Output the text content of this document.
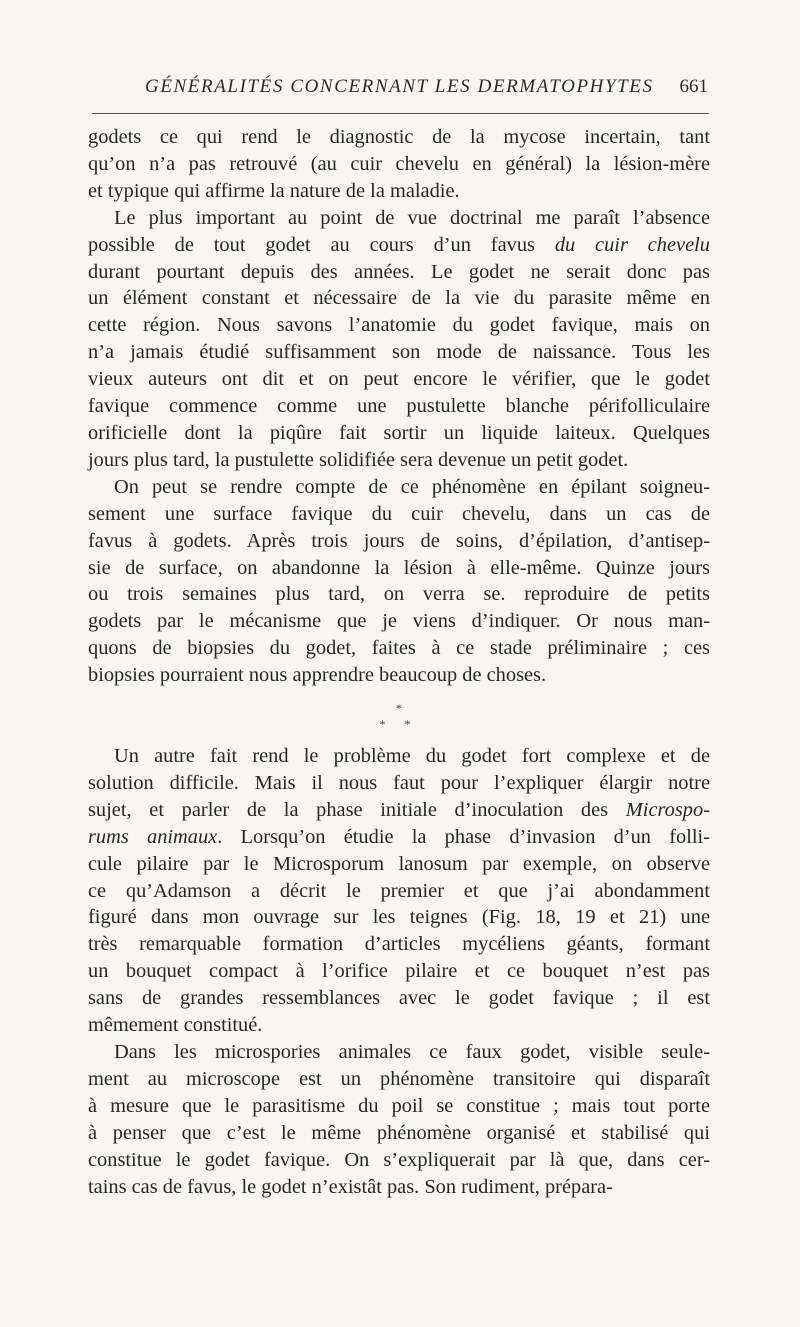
GÉNÉRALITÉS CONCERNANT LES DERMATOPHYTES 661

godets ce qui rend le diagnostic de la mycose incertain, tant
qu’on n’a pas retrouvé (au cuir chevelu en général) la lésion-mère
et typique qui affirme la nature de la maladie.

Le plus important au point de vue doctrinal me paraît l’absence
possible de tout godet au cours d’un favus du cuir chevelu
durant pourtant depuis des années. Le godet ne serait donc pas
un élément constant et nécessaire de la vie du parasite même en
cette région. Nous savons l’anatomie du godet favique, mais on
n’a jamais étudié suffisamment son mode de naissance. Tous les
vieux auteurs ont dit et on peut encore le vérifier, que le godet
favique commence comme une pustulette blanche périfolliculaire
orificielle dont la piqûre fait sortir un liquide laiteux. Quelques
jours plus tard, la pustulette solidifiée sera devenue un petit godet.

On peut se rendre compte de ce phénomène en épilant soigneu-
sement une surface favique du cuir chevelu, dans un cas de
favus à godets. Après trois jours de soins, d’épilation, d’antisep-
sie de surface, on abandonne la lésion à elle-même. Quinze jours
ou trois semaines plus tard, on verra se. reproduire de petits
godets par le mécanisme que je viens d’indiquer. Or nous man-
quons de biopsies du godet, faites à ce stade préliminaire ; ces
biopsies pourraient nous apprendre beaucoup de choses.

*
* *

Un autre fait rend le problème du godet fort complexe et de
solution difficile. Mais il nous faut pour l’expliquer élargir notre
sujet, et parler de la phase initiale d’inoculation des Microspo-
rums animaux. Lorsqu’on étudie la phase d’invasion d’un folli-
cule pilaire par le Microsporum lanosum par exemple, on observe
ce qu’Adamson a décrit le premier et que j’ai abondamment
figuré dans mon ouvrage sur les teignes (Fig. 18, 19 et 21) une
très remarquable formation d’articles mycéliens géants, formant
un bouquet compact à l’orifice pilaire et ce bouquet n’est pas
sans de grandes ressemblances avec le godet favique ; il est
mêmement constitué.

Dans les microspories animales ce faux godet, visible seule-
ment au microscope est un phénomène transitoire qui disparaît
à mesure que le parasitisme du poil se constitue ; mais tout porte
à penser que c’est le même phénomène organisé et stabilisé qui
constitue le godet favique. On s’expliquerait par là que, dans cer-
tains cas de favus, le godet n’existât pas. Son rudiment, prépara-
